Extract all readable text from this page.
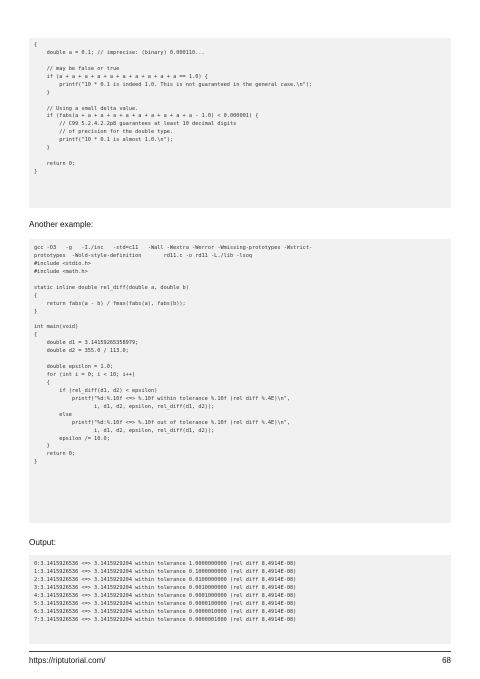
{
double a = 0.1; // imprecise: (binary) 0.000110...
// may be false or true
if (a + a + a + a + a + a + a + a + a + a == 1.0) {
printf("10 * 0.1 is indeed 1.0. This is not guaranteed in the general case.\n");
}
// Using a small delta value.
if (fabs(a + a + a + a + a + a + a + a + a + a - 1.0) < 0.000001) {
// C99 5.2.4.2.2p8 guarantees at least 10 decimal digits
// of precision for the double type.
printf("10 * 0.1 is almost 1.0.\n");
}
return 0;
}
Another example:
gcc -O3   -g   -I./inc   -std=c11   -Wall -Wextra -Werror -Wmissing-prototypes -Wstrict-
prototypes  -Wold-style-definition       rd11.c -o rd11 -L./lib -lsoq
#include <stdio.h>
#include <math.h>
static inline double rel_diff(double a, double b)
{
return fabs(a - b) / fmax(fabs(a), fabs(b));
}
int main(void)
{
double d1 = 3.14159265358979;
double d2 = 355.0 / 113.0;
double epsilon = 1.0;
for (int i = 0; i < 10; i++)
{
if (rel_diff(d1, d2) < epsilon)
printf("%d:%.10f <=> %.10f within tolerance %.10f (rel diff %.4E)\n",
i, d1, d2, epsilon, rel_diff(d1, d2));
else
printf("%d:%.10f <=> %.10f out of tolerance %.10f (rel diff %.4E)\n",
i, d1, d2, epsilon, rel_diff(d1, d2));
epsilon /= 10.0;
}
return 0;
}
Output:
0:3.1415926536 <=> 3.1415929204 within tolerance 1.0000000000 (rel diff 8.4914E-08)
1:3.1415926536 <=> 3.1415929204 within tolerance 0.1000000000 (rel diff 8.4914E-08)
2:3.1415926536 <=> 3.1415929204 within tolerance 0.0100000000 (rel diff 8.4914E-08)
3:3.1415926536 <=> 3.1415929204 within tolerance 0.0010000000 (rel diff 8.4914E-08)
4:3.1415926536 <=> 3.1415929204 within tolerance 0.0001000000 (rel diff 8.4914E-08)
5:3.1415926536 <=> 3.1415929204 within tolerance 0.0000100000 (rel diff 8.4914E-08)
6:3.1415926536 <=> 3.1415929204 within tolerance 0.0000010000 (rel diff 8.4914E-08)
7:3.1415926536 <=> 3.1415929204 within tolerance 0.0000001000 (rel diff 8.4914E-08)
https://riptutorial.com/	68
